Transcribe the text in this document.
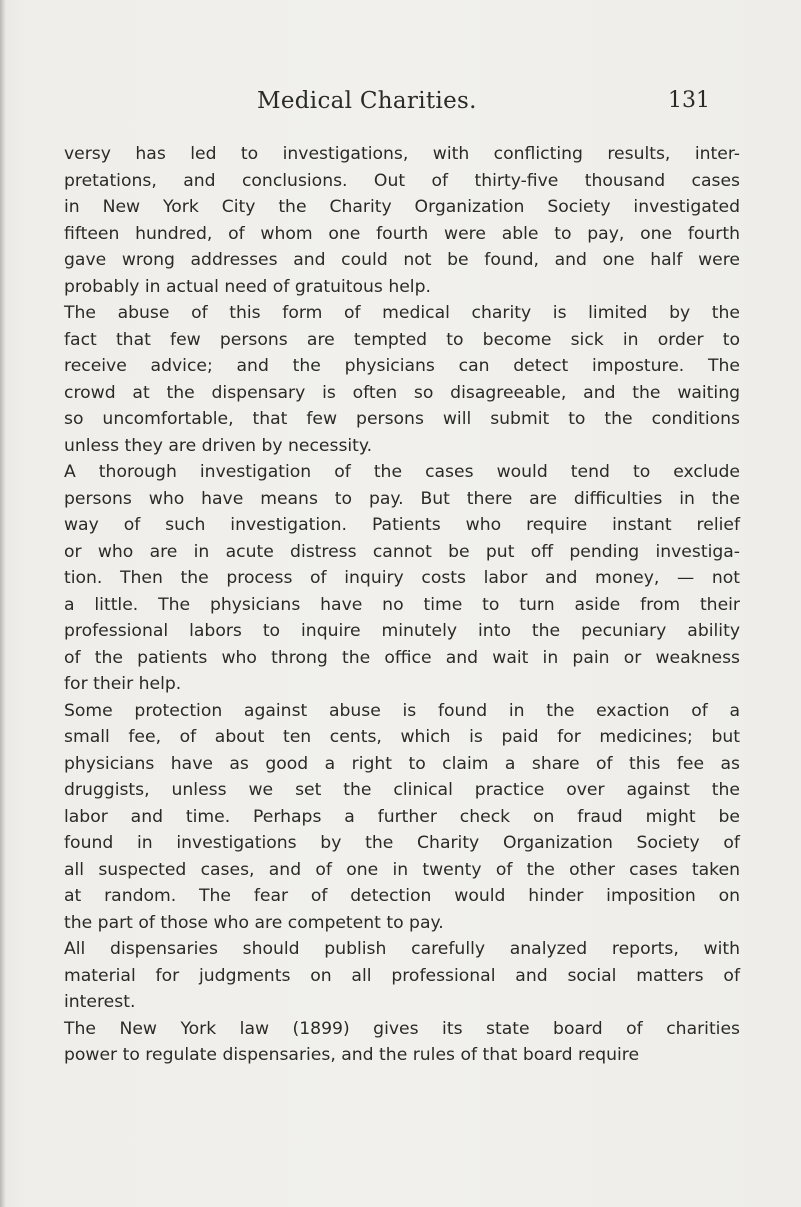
Medical Charities.	131
versy has led to investigations, with conflicting results, inter-
pretations, and conclusions. Out of thirty-five thousand cases
in New York City the Charity Organization Society investigated
fifteen hundred, of whom one fourth were able to pay, one fourth
gave wrong addresses and could not be found, and one half were
probably in actual need of gratuitous help.
The abuse of this form of medical charity is limited by the
fact that few persons are tempted to become sick in order to
receive advice; and the physicians can detect imposture. The
crowd at the dispensary is often so disagreeable, and the waiting
so uncomfortable, that few persons will submit to the conditions
unless they are driven by necessity.
A thorough investigation of the cases would tend to exclude
persons who have means to pay. But there are difficulties in the
way of such investigation. Patients who require instant relief
or who are in acute distress cannot be put off pending investiga-
tion. Then the process of inquiry costs labor and money, — not
a little. The physicians have no time to turn aside from their
professional labors to inquire minutely into the pecuniary ability
of the patients who throng the office and wait in pain or weakness
for their help.
Some protection against abuse is found in the exaction of a
small fee, of about ten cents, which is paid for medicines; but
physicians have as good a right to claim a share of this fee as
druggists, unless we set the clinical practice over against the
labor and time. Perhaps a further check on fraud might be
found in investigations by the Charity Organization Society of
all suspected cases, and of one in twenty of the other cases taken
at random. The fear of detection would hinder imposition on
the part of those who are competent to pay.
All dispensaries should publish carefully analyzed reports, with
material for judgments on all professional and social matters of
interest.
The New York law (1899) gives its state board of charities
power to regulate dispensaries, and the rules of that board require
